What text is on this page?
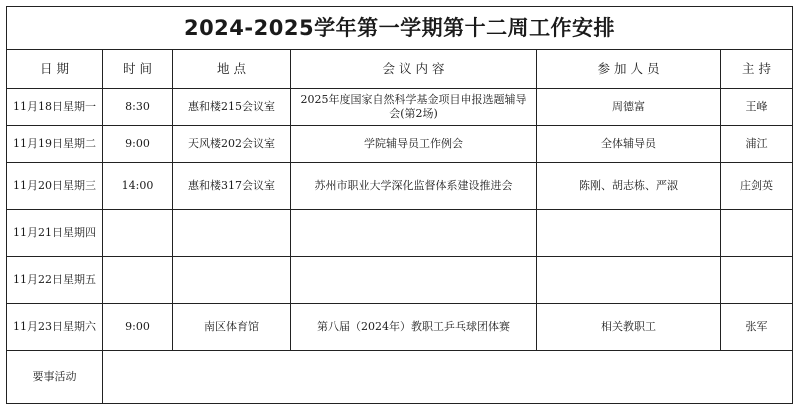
2024-2025学年第一学期第十二周工作安排					
日 期	时 间	地 点	会 议 内 容	参 加 人 员	主 持
11月18日星期一	8:30	惠和楼215会议室	2025年度国家自然科学基金项目申报选题辅导会(第2场)	周德富	王峰
11月19日星期二	9:00	天风楼202会议室	学院辅导员工作例会	全体辅导员	浦江
11月20日星期三	14:00	惠和楼317会议室	苏州市职业大学深化监督体系建设推进会	陈刚、胡志栋、严淑	庄剑英
11月21日星期四					
11月22日星期五					
11月23日星期六	9:00	南区体育馆	第八届（2024年）教职工乒乓球团体赛	相关教职工	张军
要事活动					
